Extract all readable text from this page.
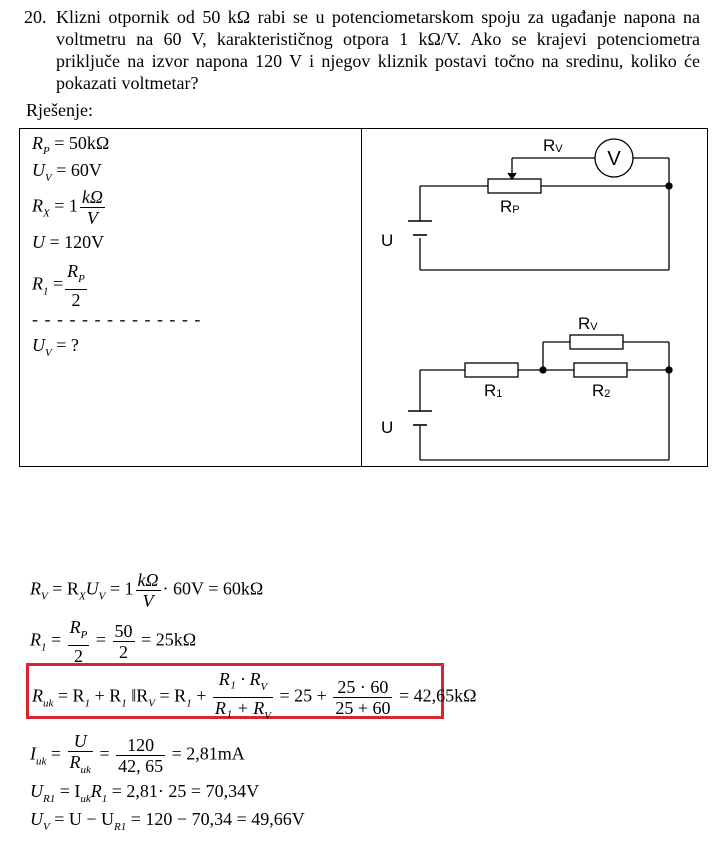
20. Klizni otpornik od 50 kΩ rabi se u potenciometarskom spoju za ugađanje napona na voltmetru na 60 V, karakterističnog otpora 1 kΩ/V. Ako se krajevi potenciometra priključe na izvor napona 120 V i njegov kliznik postavi točno na sredinu, koliko će pokazati voltmetar?
Rješenje:
$R_P = 50k\Omega$
$U_V = 60V$
$R_X = 1 \frac{k\Omega}{V}$
U = 120V
$R_1 = \frac{R_P}{2}$
- - - - - - - - - - - - - -
$U_V$ = ?
V
RV
RP
U
RV
R1	R2
U
$R_V = R_XU_V = 1 \frac{k\Omega}{V} \cdot 60V = 60k\Omega$
$R_1 = \frac{R_P}{2} = \frac{50}{2} = 25k\Omega$
$R_{uk} = R_1 + R_1$ $‖R_V = R_1 + \frac{R_1 \cdot R_V}{R_1 + R_V} = 25 + \frac{25 \cdot 60}{25 + 60} = 42,65k\Omega$
$I_{uk} = \frac{U}{R_{uk}} = \frac{120}{42, 65} = 2,81mA$
$U_{R1} = I_{uk}R_1 = 2,81\cdot 25 = 70,34V$
$U_V = U - U_{R1} = 120 - 70,34 = 49,66V$
